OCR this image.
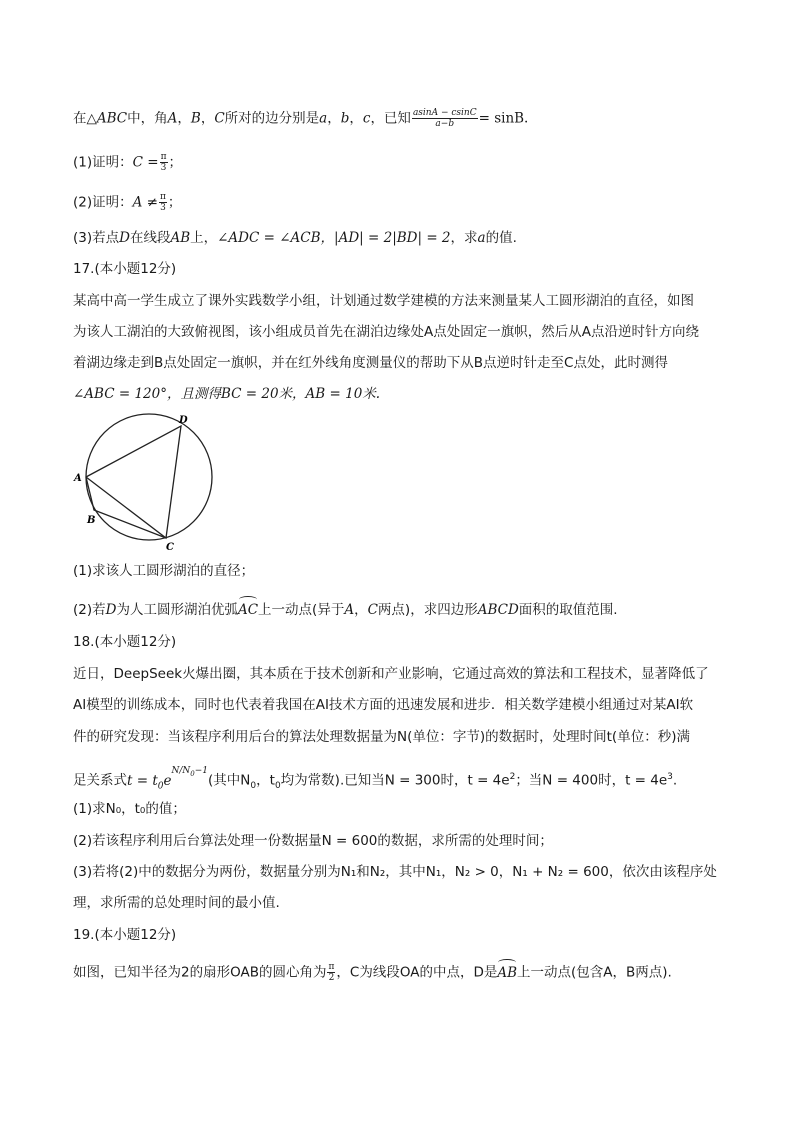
在△ABC中，角A，B，C所对的边分别是a，b，c，已知 $\frac{asinA - csinC}{a-b} = \sin B$.
(1)证明：$C = \frac{\pi}{3}$ ；
(2)证明：$A \ne \frac{\pi}{3}$ ；
(3)若点D在线段AB上，∠ADC = ∠ACB，|AD| = 2|BD| = 2，求a的值.
17.(本小题12分)
某高中高一学生成立了课外实践数学小组，计划通过数学建模的方法来测量某人工圆形湖泊的直径，如图
为该人工湖泊的大致俯视图，该小组成员首先在湖泊边缘处A点处固定一旗帜，然后从A点沿逆时针方向绕
着湖边缘走到B点处固定一旗帜，并在红外线角度测量仪的帮助下从B点逆时针走至C点处，此时测得
∠ABC = 120°，且测得BC = 20米，AB = 10米.
A
B
C
D
(1)求该人工圆形湖泊的直径；
(2)若D为人工圆形湖泊优弧AC上一动点(异于A，C两点)，求四边形ABCD面积的取值范围.
18.(本小题12分)
近日，DeepSeek火爆出圈，其本质在于技术创新和产业影响，它通过高效的算法和工程技术，显著降低了
AI模型的训练成本，同时也代表着我国在AI技术方面的迅速发展和进步．相关数学建模小组通过对某AI软
件的研究发现：当该程序利用后台的算法处理数据量为N(单位：字节)的数据时，处理时间t(单位：秒)满
足关系式$t = t_0e^{N/N_0-1}$(其中$N_0$，$t_0$均为常数).已知当N = 300时，$t = 4e^2$；当N = 400时，$t = 4e^3$.
(1)求N₀，t₀的值；
(2)若该程序利用后台算法处理一份数据量N = 600的数据，求所需的处理时间；
(3)若将(2)中的数据分为两份，数据量分别为N₁和N₂，其中N₁，N₂ > 0，N₁ + N₂ = 600，依次由该程序处
理，求所需的总处理时间的最小值.
19.(本小题12分)
如图，已知半径为2的扇形OAB的圆心角为 $\frac{\pi}{2}$ ，C为线段OA的中点，D是AB上一动点(包含A，B两点).
